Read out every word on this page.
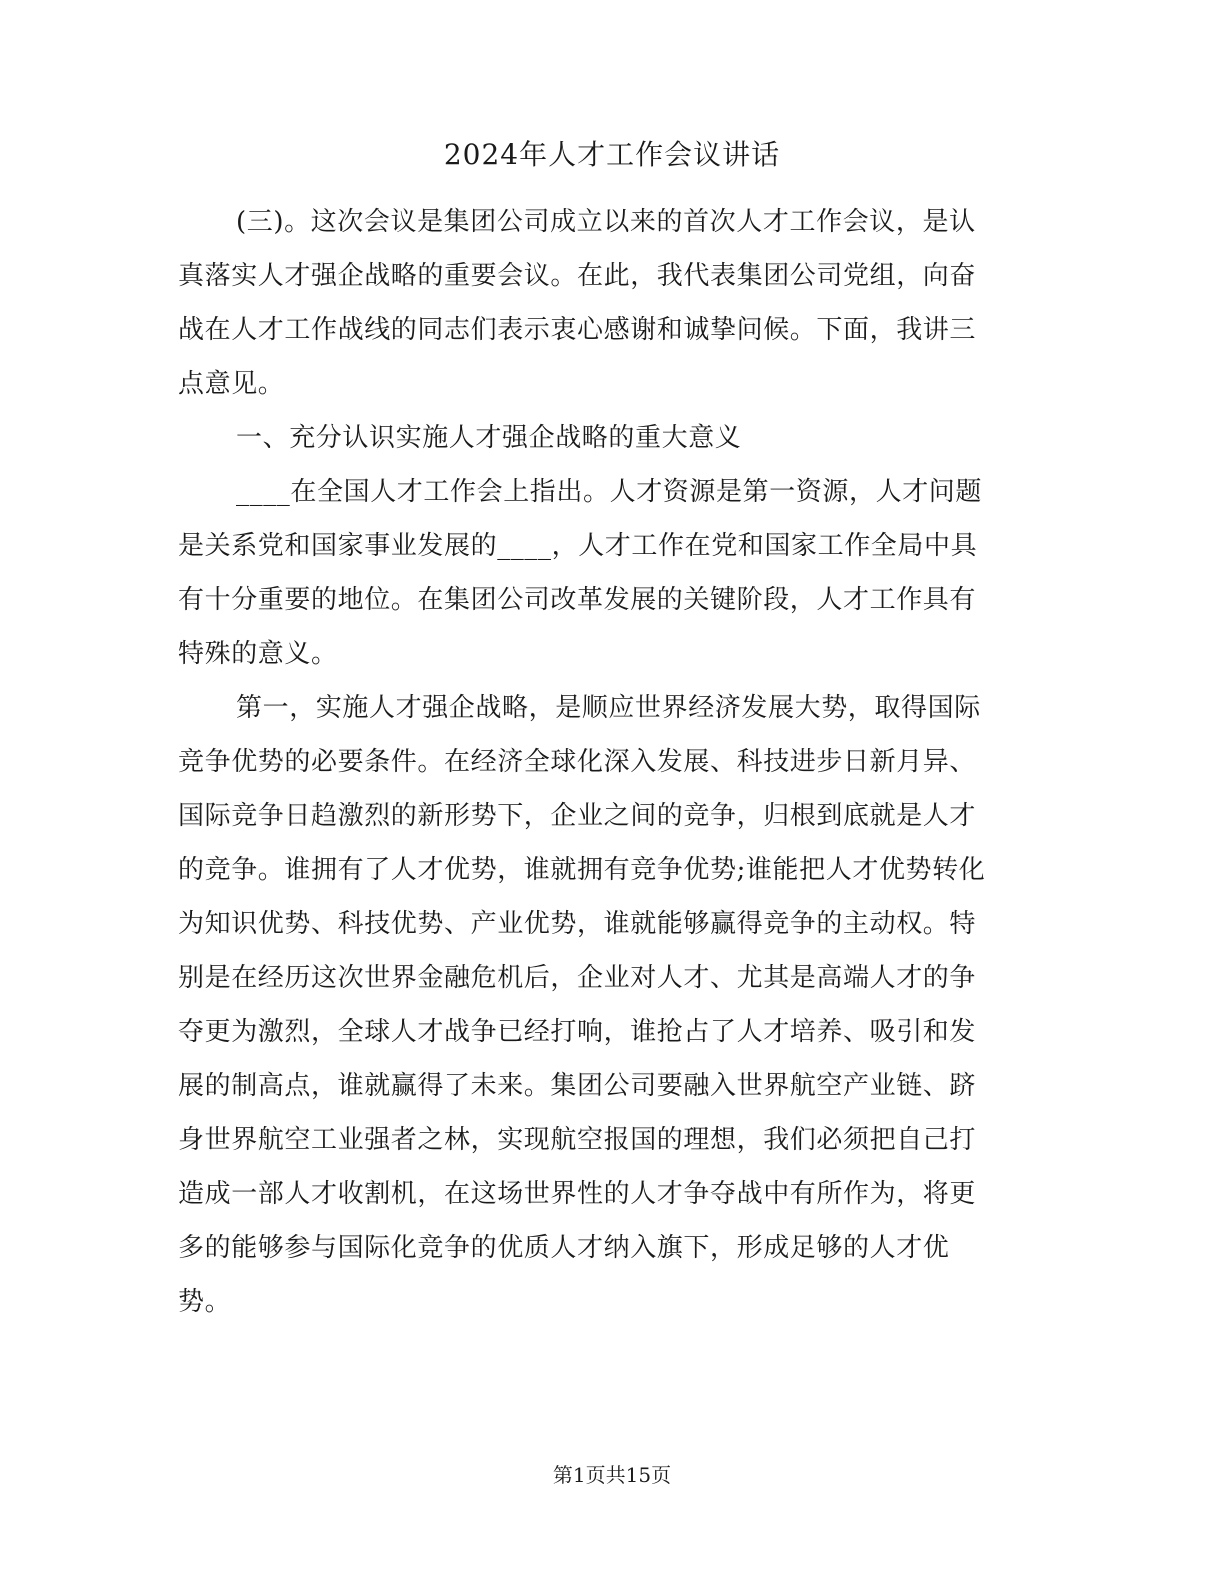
2024年人才工作会议讲话
(三)。这次会议是集团公司成立以来的首次人才工作会议，是认
真落实人才强企战略的重要会议。在此，我代表集团公司党组，向奋
战在人才工作战线的同志们表示衷心感谢和诚挚问候。下面，我讲三
点意见。
一、充分认识实施人才强企战略的重大意义
____在全国人才工作会上指出。人才资源是第一资源，人才问题
是关系党和国家事业发展的____，人才工作在党和国家工作全局中具
有十分重要的地位。在集团公司改革发展的关键阶段，人才工作具有
特殊的意义。
第一，实施人才强企战略，是顺应世界经济发展大势，取得国际
竞争优势的必要条件。在经济全球化深入发展、科技进步日新月异、
国际竞争日趋激烈的新形势下，企业之间的竞争，归根到底就是人才
的竞争。谁拥有了人才优势，谁就拥有竞争优势;谁能把人才优势转化
为知识优势、科技优势、产业优势，谁就能够赢得竞争的主动权。特
别是在经历这次世界金融危机后，企业对人才、尤其是高端人才的争
夺更为激烈，全球人才战争已经打响，谁抢占了人才培养、吸引和发
展的制高点，谁就赢得了未来。集团公司要融入世界航空产业链、跻
身世界航空工业强者之林，实现航空报国的理想，我们必须把自己打
造成一部人才收割机，在这场世界性的人才争夺战中有所作为，将更
多的能够参与国际化竞争的优质人才纳入旗下，形成足够的人才优
势。
第1页共15页
